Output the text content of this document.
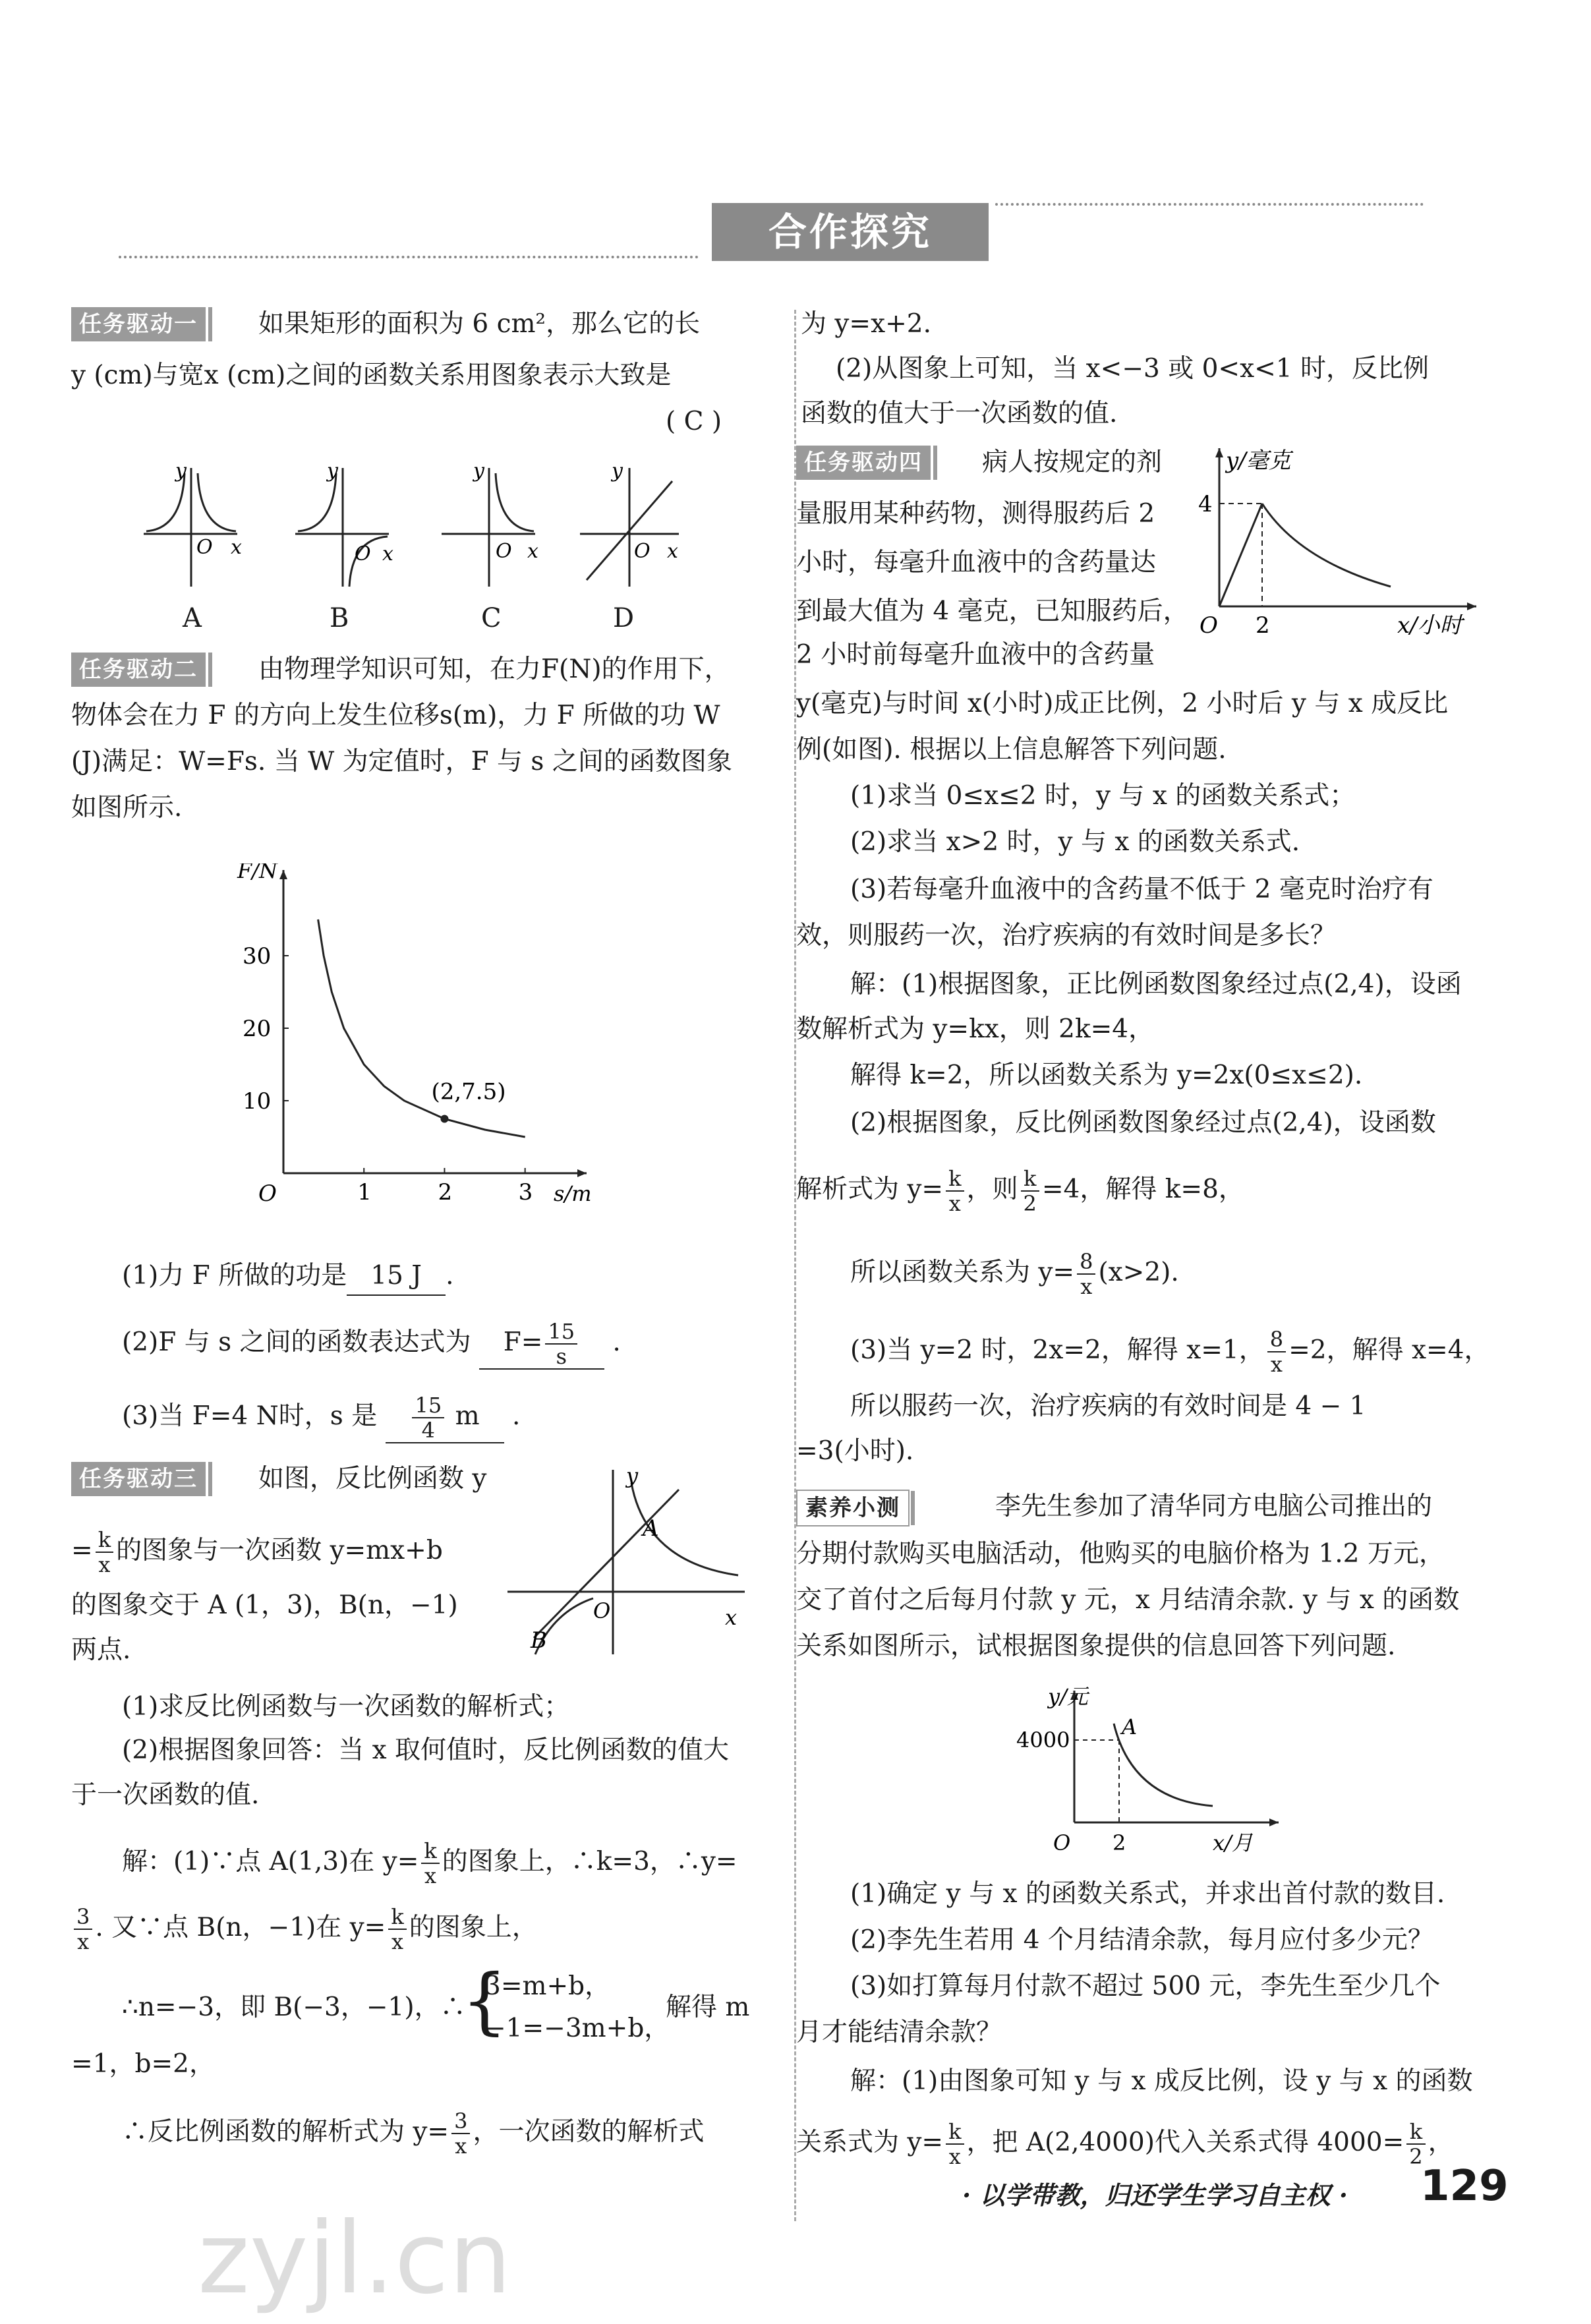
合作探究
任务驱动一	如果矩形的面积为 6 cm²，那么它的长
y (cm)与宽x (cm)之间的函数关系用图象表示大致是
( C )
y
O x
y
O x
y
O x
y
O x
A	B	C	D
任务驱动二	由物理学知识可知，在力F(N)的作用下，
物体会在力 F 的方向上发生位移s(m)，力 F 所做的功 W
(J)满足：W=Fs. 当 W 为定值时，F 与 s 之间的函数图象
如图所示.
1	2	3
10
20
30
O	s/m
F/N
(2,7.5)
(1)力 F 所做的功是 15 J .
(2)F 与 s 之间的函数表达式为 $F= \frac{15}{s}$ .
(3)当 F=4 N时，s 是 $\frac{15}{4}$ m .
任务驱动三	如图，反比例函数 y
= $\frac{k}{x}$ 的图象与一次函数 y=mx+b
的图象交于 A (1，3)，B(n，−1)
两点.
y
x
O
A
B
(1)求反比例函数与一次函数的解析式；
(2)根据图象回答：当 x 取何值时，反比例函数的值大
于一次函数的值.
解：(1)∵点 A(1,3)在 $y= \frac{k}{x}$ 的图象上，∴k=3，∴y=
$\frac{3}{x}$ . 又∵点 B(n，−1)在 $y= \frac{k}{x}$ 的图象上，
∴n=−3，即 B(−3，−1)，∴
{
3=m+b，
−1=−3m+b，
解得 m
=1，b=2，
∴反比例函数的解析式为 $y= \frac{3}{x}$ ，一次函数的解析式
为 y=x+2.
(2)从图象上可知，当 x<−3 或 0<x<1 时，反比例
函数的值大于一次函数的值.
任务驱动四	病人按规定的剂
量服用某种药物，测得服药后 2
小时，每毫升血液中的含药量达
到最大值为 4 毫克，已知服药后，
2 小时前每毫升血液中的含药量
y/毫克
4
O 2	x/小时
y(毫克)与时间 x(小时)成正比例，2 小时后 y 与 x 成反比
例(如图). 根据以上信息解答下列问题.
(1)求当 0≤x≤2 时，y 与 x 的函数关系式；
(2)求当 x>2 时，y 与 x 的函数关系式.
(3)若每毫升血液中的含药量不低于 2 毫克时治疗有
效，则服药一次，治疗疾病的有效时间是多长？
解：(1)根据图象，正比例函数图象经过点(2,4)，设函
数解析式为 y=kx，则 2k=4，
解得 k=2，所以函数关系为 y=2x(0≤x≤2).
(2)根据图象，反比例函数图象经过点(2,4)，设函数
解析式为 $y= \frac{k}{x}$ ，则 $\frac{k}{2} =4$，解得 k=8，
所以函数关系为 $y= \frac{8}{x} (x>2)$.
(3)当 y=2 时，2x=2，解得 x=1， $\frac{8}{x} =2$，解得 x=4，
所以服药一次，治疗疾病的有效时间是 4 − 1
=3(小时).
素养小测	李先生参加了清华同方电脑公司推出的
分期付款购买电脑活动，他购买的电脑价格为 1.2 万元，
交了首付之后每月付款 y 元，x 月结清余款. y 与 x 的函数
关系如图所示，试根据图象提供的信息回答下列问题.
y/元
4000
A
O 2	x/月
(1)确定 y 与 x 的函数关系式，并求出首付款的数目.
(2)李先生若用 4 个月结清余款，每月应付多少元？
(3)如打算每月付款不超过 500 元，李先生至少几个
月才能结清余款？
解：(1)由图象可知 y 与 x 成反比例，设 y 与 x 的函数
关系式为 $y= \frac{k}{x}$ ，把 A(2,4000)代入关系式得 $4000= \frac{k}{2}$ ，
· 以学带教，归还学生学习自主权 · 129
zyjl.cn
